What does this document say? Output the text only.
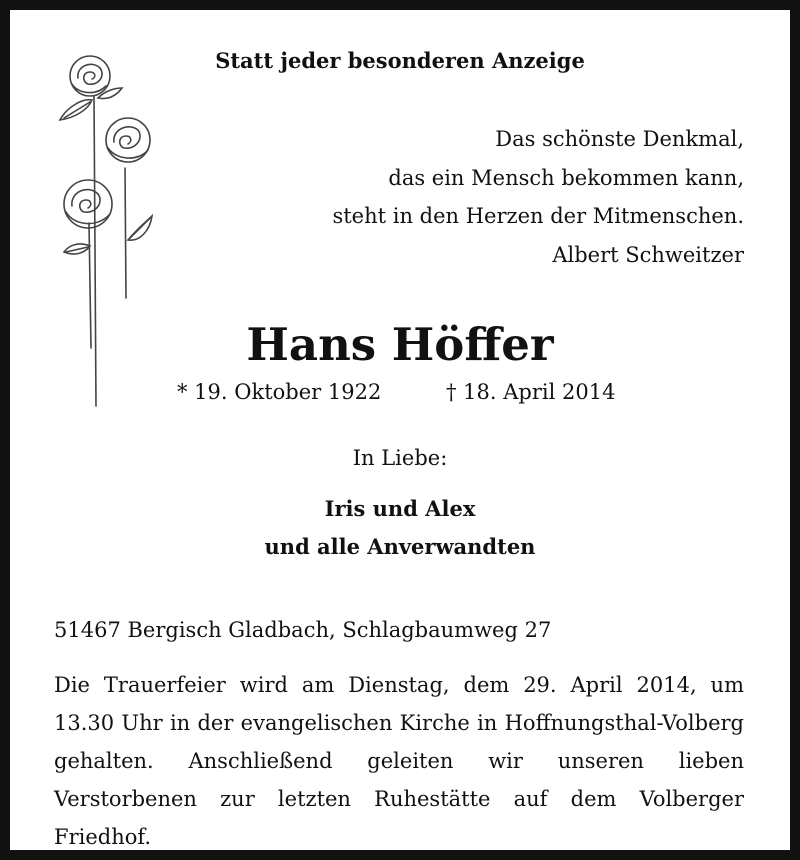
Statt jeder besonderen Anzeige
Das schönste Denkmal,
das ein Mensch bekommen kann,
steht in den Herzen der Mitmenschen.
Albert Schweitzer
Hans Höffer
* 19. Oktober 1922	† 18. April 2014
In Liebe:
Iris und Alex
und alle Anverwandten
51467 Bergisch Gladbach, Schlagbaumweg 27
Die Trauerfeier wird am Dienstag, dem 29. April 2014, um 13.30 Uhr in der evangelischen Kirche in Hoffnungsthal-Volberg gehalten. Anschließend geleiten wir unseren lieben Verstorbenen zur letzten Ruhestätte auf dem Volberger Friedhof.
